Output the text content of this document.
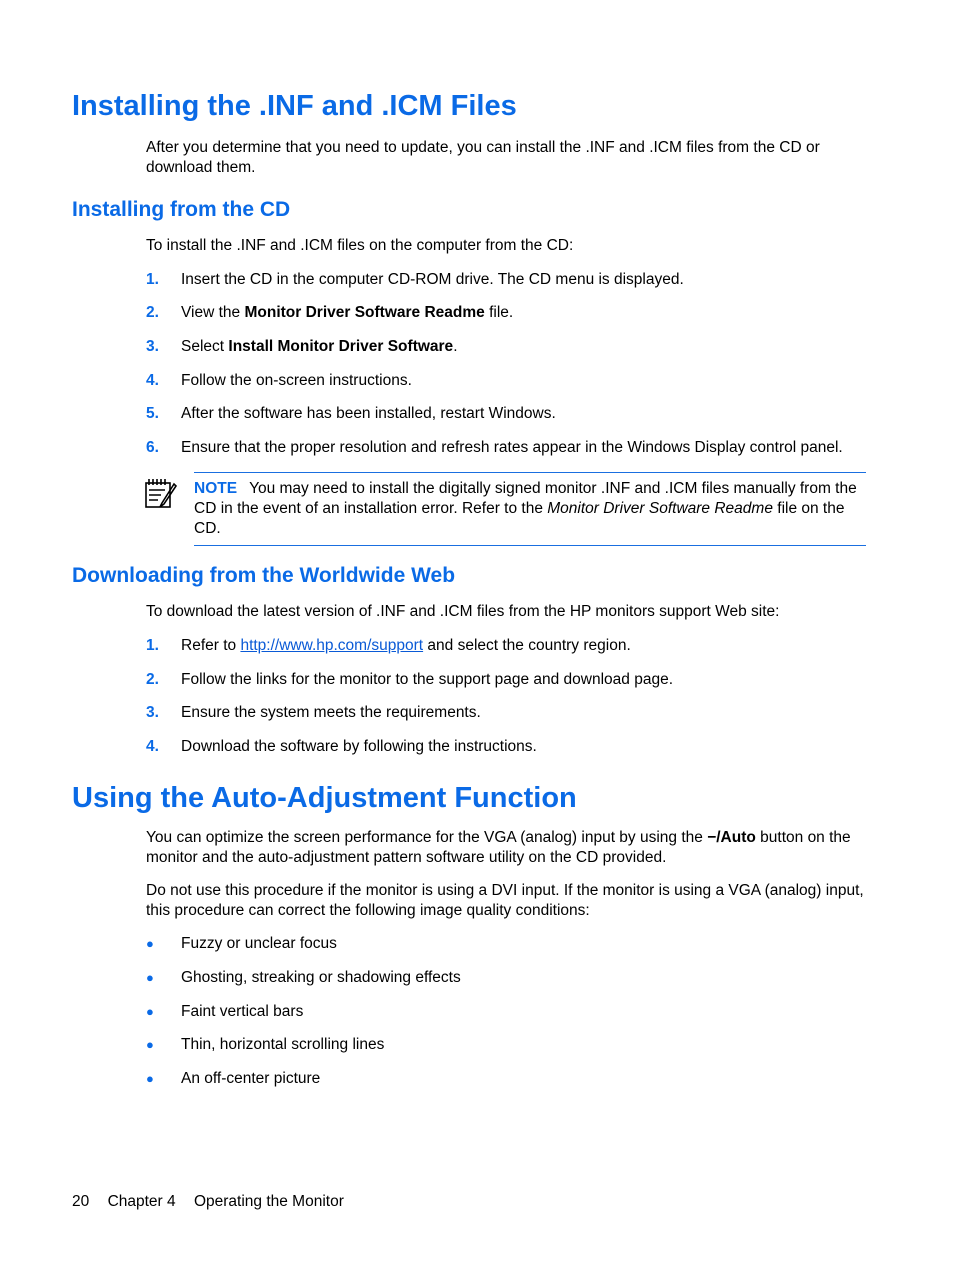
Installing the .INF and .ICM Files

After you determine that you need to update, you can install the .INF and .ICM files from the CD or download them.

Installing from the CD

To install the .INF and .ICM files on the computer from the CD:

1. Insert the CD in the computer CD-ROM drive. The CD menu is displayed.
2. View the Monitor Driver Software Readme file.
3. Select Install Monitor Driver Software.
4. Follow the on-screen instructions.
5. After the software has been installed, restart Windows.
6. Ensure that the proper resolution and refresh rates appear in the Windows Display control panel.
NOTE You may need to install the digitally signed monitor .INF and .ICM files manually from the CD in the event of an installation error. Refer to the Monitor Driver Software Readme file on the CD.
Downloading from the Worldwide Web

To download the latest version of .INF and .ICM files from the HP monitors support Web site:

1. Refer to http://www.hp.com/support and select the country region.
2. Follow the links for the monitor to the support page and download page.
3. Ensure the system meets the requirements.
4. Download the software by following the instructions.
Using the Auto-Adjustment Function

You can optimize the screen performance for the VGA (analog) input by using the −/Auto button on the monitor and the auto-adjustment pattern software utility on the CD provided.

Do not use this procedure if the monitor is using a DVI input. If the monitor is using a VGA (analog) input, this procedure can correct the following image quality conditions:

● Fuzzy or unclear focus
● Ghosting, streaking or shadowing effects
● Faint vertical bars
● Thin, horizontal scrolling lines
● An off-center picture
20 Chapter 4 Operating the Monitor
